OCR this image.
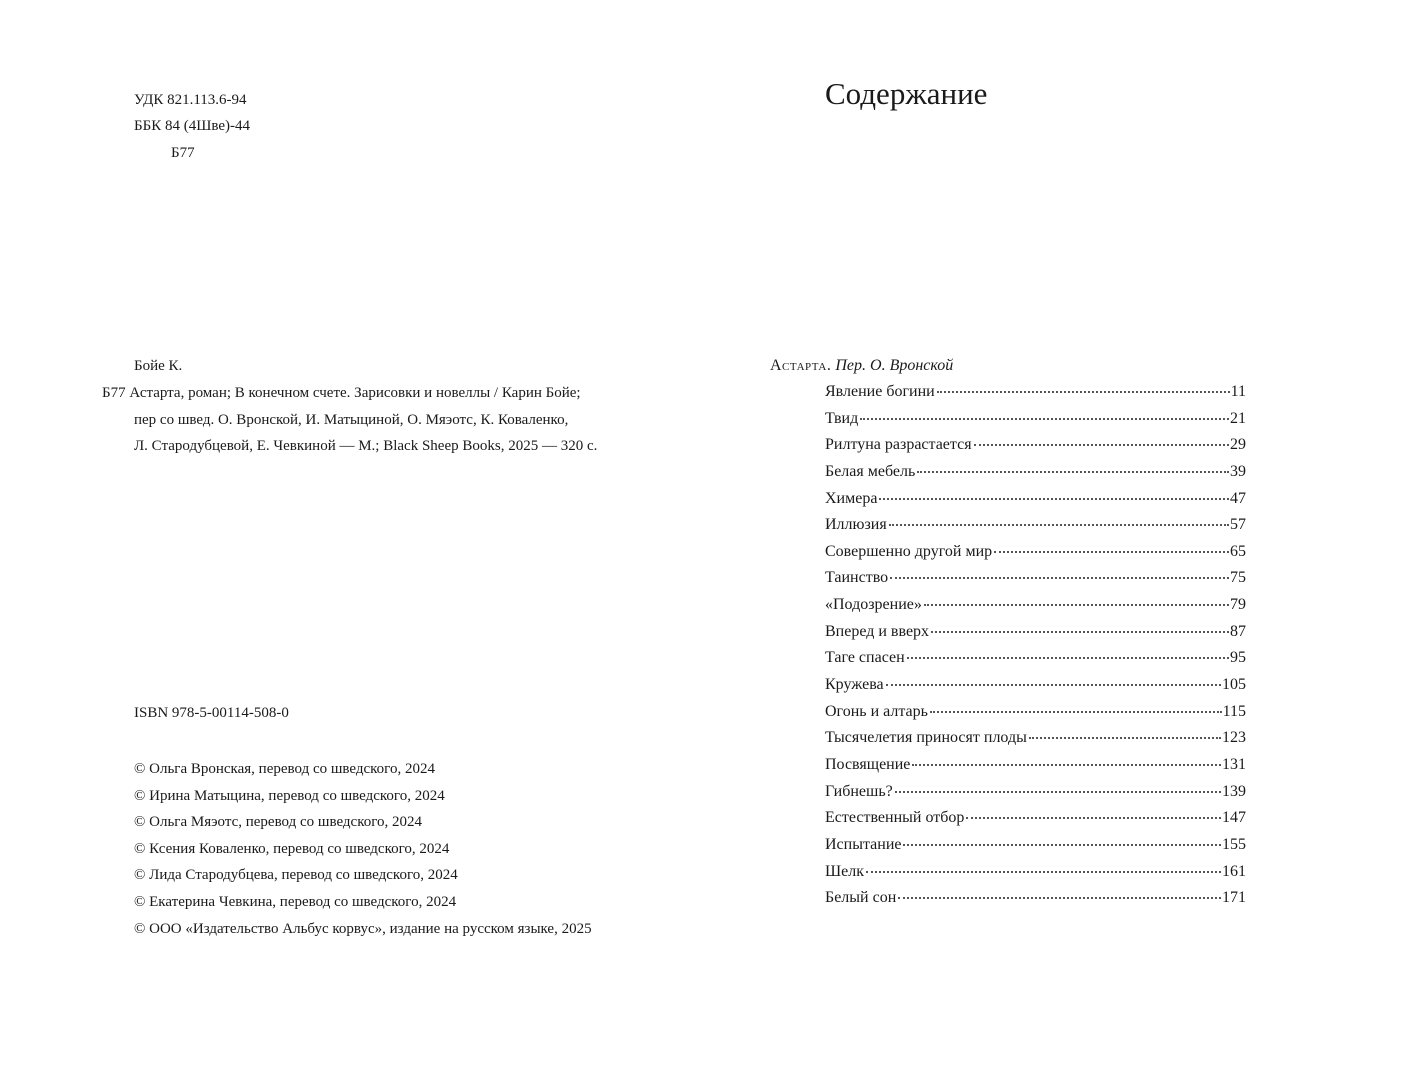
УДК 821.113.6-94
ББК 84 (4Шве)-44
Б77
Бойе К.
Б77 Астарта, роман; В конечном счете. Зарисовки и новеллы / Карин Бойе;
пер со швед. О. Вронской, И. Матыциной, О. Мяэотс, К. Коваленко,
Л. Стародубцевой, Е. Чевкиной — М.; Black Sheep Books, 2025 — 320 с.
ISBN 978-5-00114-508-0
© Ольга Вронская, перевод со шведского, 2024
© Ирина Матыцина, перевод со шведского, 2024
© Ольга Мяэотс, перевод со шведского, 2024
© Ксения Коваленко, перевод со шведского, 2024
© Лида Стародубцева, перевод со шведского, 2024
© Екатерина Чевкина, перевод со шведского, 2024
© ООО «Издательство Альбус корвус», издание на русском языке, 2025
Содержание
Астарта. Пер. О. Вронской
Явление богини	11
Твид	21
Рилтуна разрастается	29
Белая мебель	39
Химера	47
Иллюзия	57
Совершенно другой мир	65
Таинство	75
«Подозрение»	79
Вперед и вверх	87
Таге спасен	95
Кружева	105
Огонь и алтарь	115
Тысячелетия приносят плоды	123
Посвящение	131
Гибнешь?	139
Естественный отбор	147
Испытание	155
Шелк	161
Белый сон	171
